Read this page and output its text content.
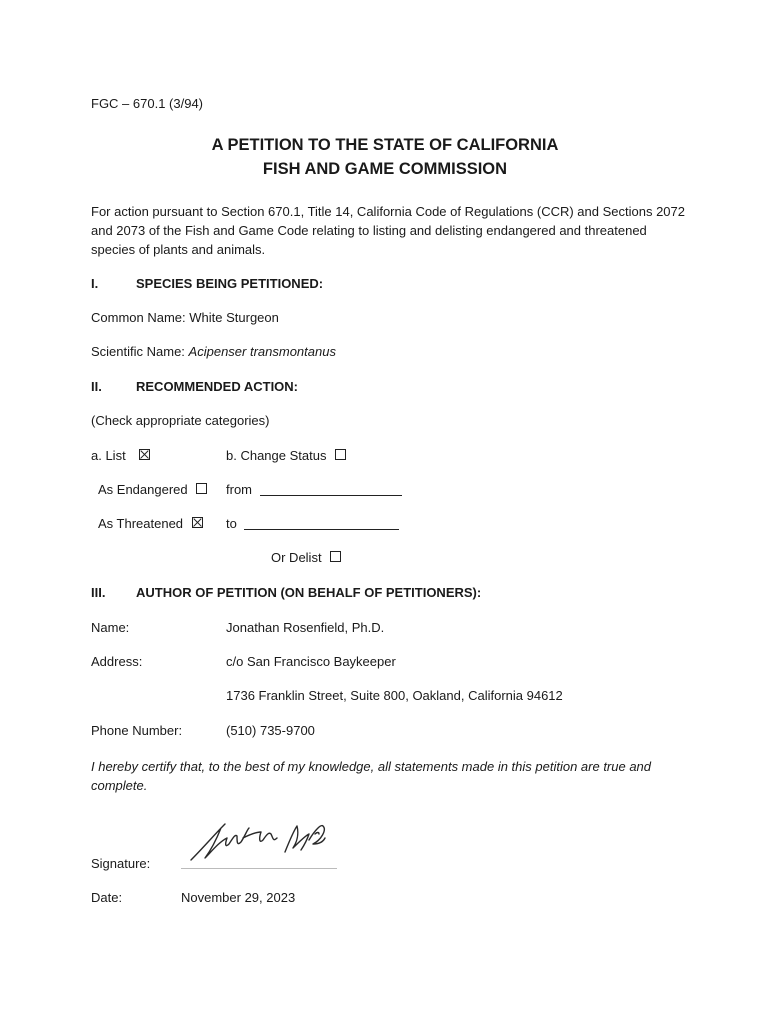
FGC – 670.1 (3/94)
A PETITION TO THE STATE OF CALIFORNIA
FISH AND GAME COMMISSION
For action pursuant to Section 670.1, Title 14, California Code of Regulations (CCR) and Sections 2072 and 2073 of the Fish and Game Code relating to listing and delisting endangered and threatened species of plants and animals.
I.	SPECIES BEING PETITIONED:
Common Name: White Sturgeon
Scientific Name: Acipenser transmontanus
II.	RECOMMENDED ACTION:
(Check appropriate categories)
a. List	b. Change Status
As Endangered	from
As Threatened	to
Or Delist
III. AUTHOR OF PETITION (ON BEHALF OF PETITIONERS):
Name:	Jonathan Rosenfield, Ph.D.
Address:	c/o San Francisco Baykeeper
1736 Franklin Street, Suite 800, Oakland, California 94612
Phone Number:	(510) 735-9700
I hereby certify that, to the best of my knowledge, all statements made in this petition are true and complete.
Signature:
Date:	November 29, 2023
